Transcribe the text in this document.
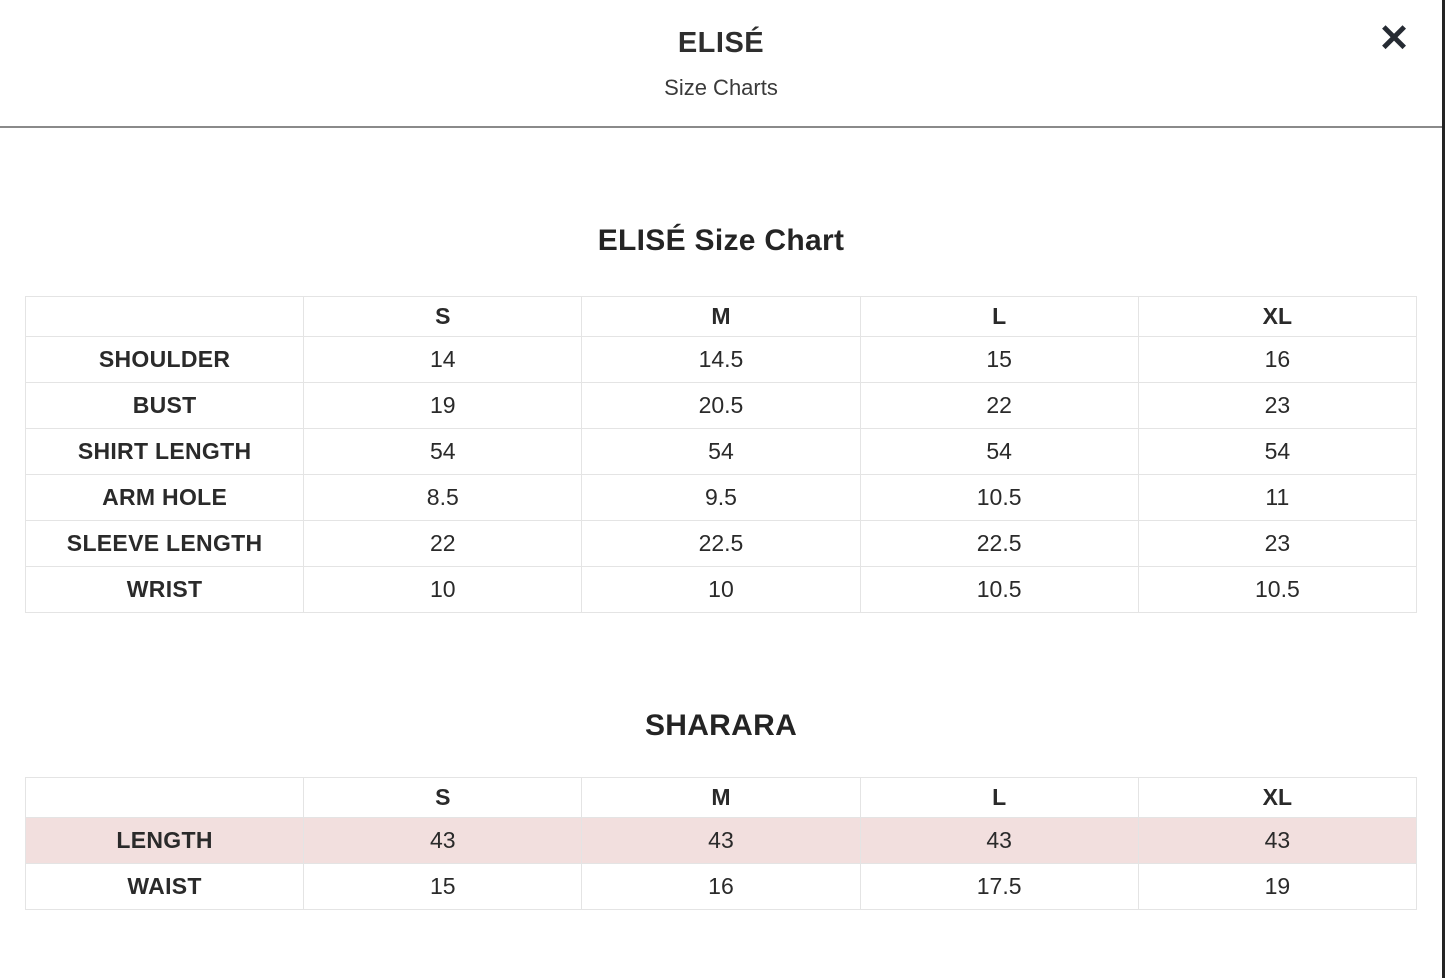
ELISÉ
Size Charts
✕
ELISÉ Size Chart
	S	M	L	XL
SHOULDER	14	14.5	15	16
BUST	19	20.5	22	23
SHIRT LENGTH	54	54	54	54
ARM HOLE	8.5	9.5	10.5	11
SLEEVE LENGTH	22	22.5	22.5	23
WRIST	10	10	10.5	10.5
SHARARA
	S	M	L	XL
LENGTH	43	43	43	43
WAIST	15	16	17.5	19
